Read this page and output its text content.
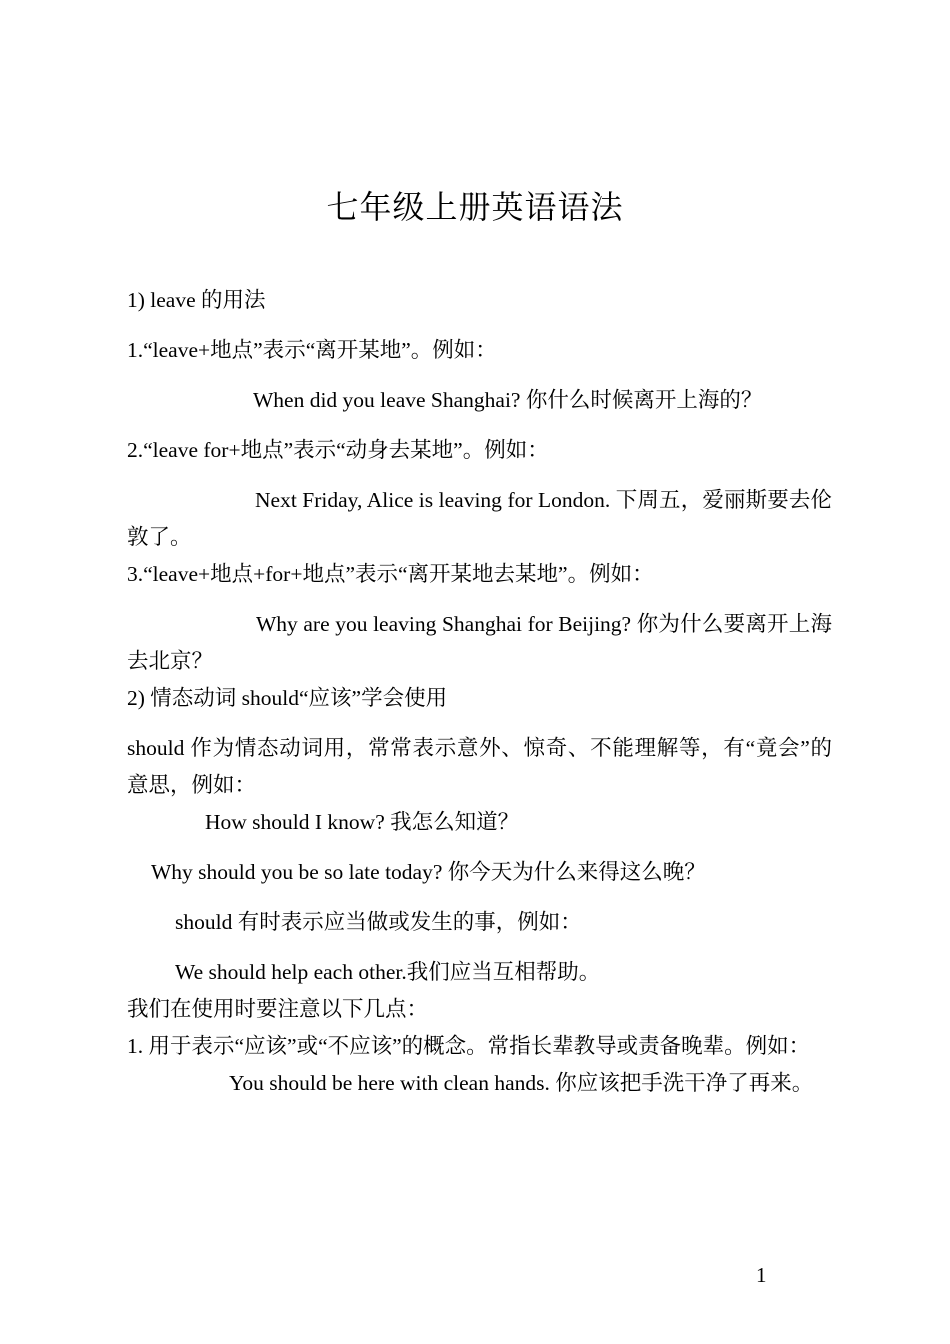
七年级上册英语语法

1) leave 的用法

1.“leave+地点”表示“离开某地”。例如：

When did you leave Shanghai? 你什么时候离开上海的？

2.“leave for+地点”表示“动身去某地”。例如：

Next Friday, Alice is leaving for London. 下周五，爱丽斯要去伦敦了。

3.“leave+地点+for+地点”表示“离开某地去某地”。例如：

Why are you leaving Shanghai for Beijing? 你为什么要离开上海去北京？

2) 情态动词 should“应该”学会使用

should 作为情态动词用，常常表示意外、惊奇、不能理解等，有“竟会”的意思，例如：

How should I know? 我怎么知道？

Why should you be so late today? 你今天为什么来得这么晚？

should 有时表示应当做或发生的事，例如：

We should help each other.我们应当互相帮助。

我们在使用时要注意以下几点：

1. 用于表示“应该”或“不应该”的概念。常指长辈教导或责备晚辈。例如：

You should be here with clean hands. 你应该把手洗干净了再来。

1
